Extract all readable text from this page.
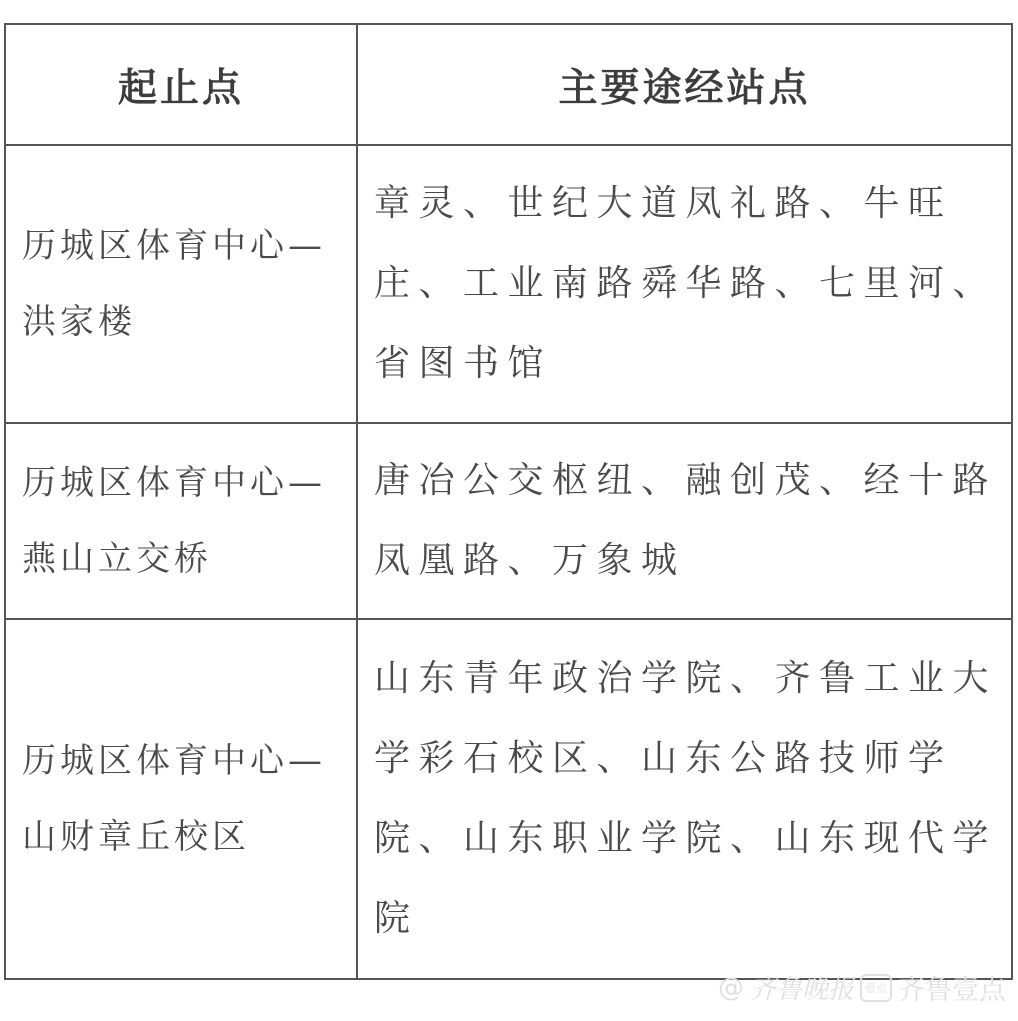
起止点	主要途经站点
历城区体育中心—
洪家楼	章灵、世纪大道凤礼路、牛旺庄、工业南路舜华路、七里河、省图书馆
历城区体育中心—
燕山立交桥	唐冶公交枢纽、融创茂、经十路凤凰路、万象城
历城区体育中心—
山财章丘校区	山东青年政治学院、齐鲁工业大学彩石校区、山东公路技师学院、山东职业学院、山东现代学院
@ 齐鲁晚报	壹点 齐鲁壹点
